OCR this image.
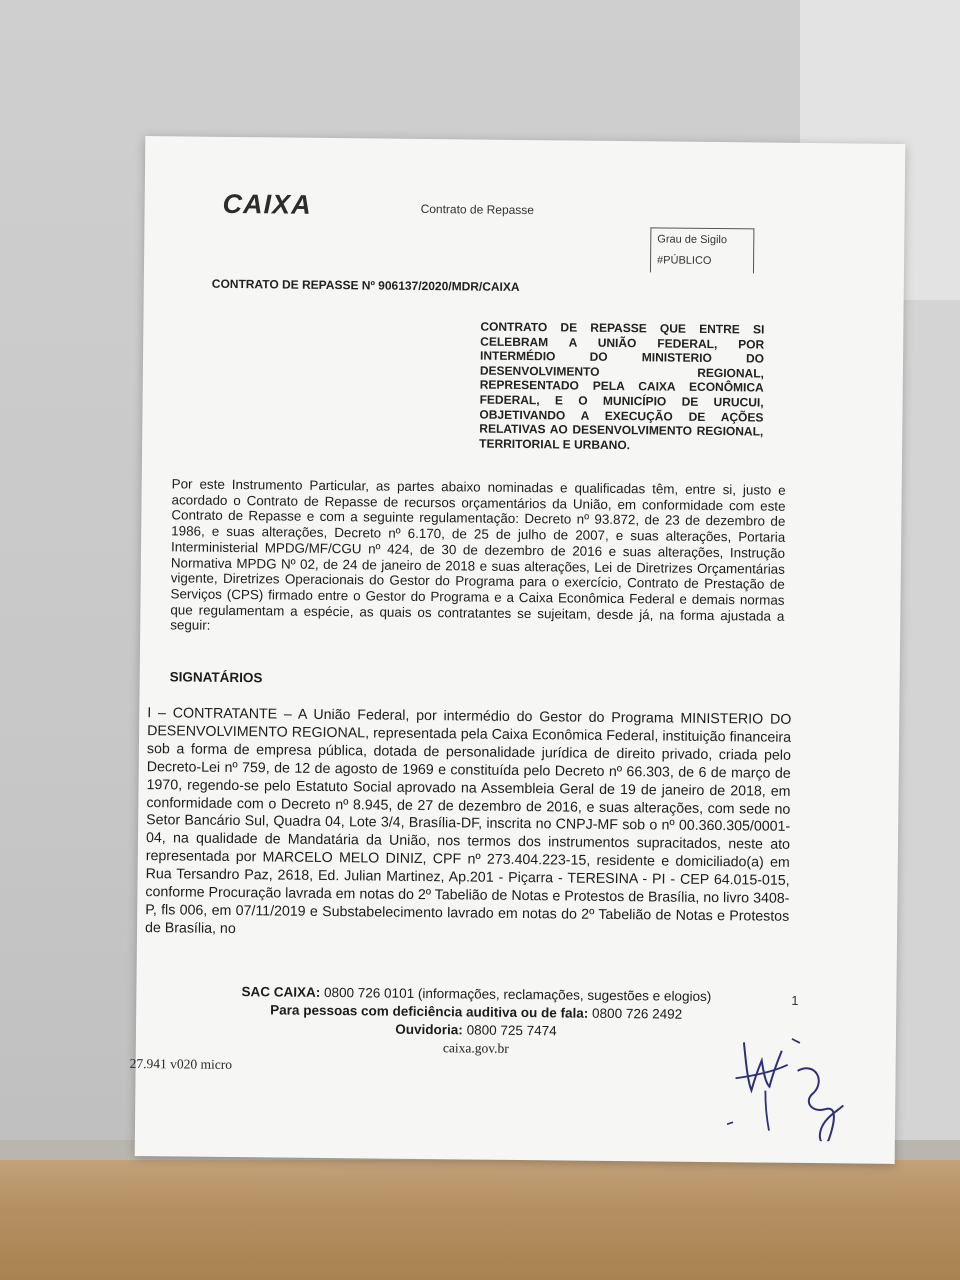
CAIXA	Contrato de Repasse
Grau de Sigilo
#PÚBLICO
CONTRATO DE REPASSE Nº 906137/2020/MDR/CAIXA
CONTRATO DE REPASSE QUE ENTRE SI CELEBRAM A UNIÃO FEDERAL, POR INTERMÉDIO DO MINISTERIO DO DESENVOLVIMENTO REGIONAL, REPRESENTADO PELA CAIXA ECONÔMICA FEDERAL, E O MUNICÍPIO DE URUCUI, OBJETIVANDO A EXECUÇÃO DE AÇÕES RELATIVAS AO DESENVOLVIMENTO REGIONAL, TERRITORIAL E URBANO.
Por este Instrumento Particular, as partes abaixo nominadas e qualificadas têm, entre si, justo e acordado o Contrato de Repasse de recursos orçamentários da União, em conformidade com este Contrato de Repasse e com a seguinte regulamentação: Decreto nº 93.872, de 23 de dezembro de 1986, e suas alterações, Decreto nº 6.170, de 25 de julho de 2007, e suas alterações, Portaria Interministerial MPDG/MF/CGU nº 424, de 30 de dezembro de 2016 e suas alterações, Instrução Normativa MPDG Nº 02, de 24 de janeiro de 2018 e suas alterações, Lei de Diretrizes Orçamentárias vigente, Diretrizes Operacionais do Gestor do Programa para o exercício, Contrato de Prestação de Serviços (CPS) firmado entre o Gestor do Programa e a Caixa Econômica Federal e demais normas que regulamentam a espécie, as quais os contratantes se sujeitam, desde já, na forma ajustada a seguir:
SIGNATÁRIOS
I – CONTRATANTE – A União Federal, por intermédio do Gestor do Programa MINISTERIO DO DESENVOLVIMENTO REGIONAL, representada pela Caixa Econômica Federal, instituição financeira sob a forma de empresa pública, dotada de personalidade jurídica de direito privado, criada pelo Decreto-Lei nº 759, de 12 de agosto de 1969 e constituída pelo Decreto nº 66.303, de 6 de março de 1970, regendo-se pelo Estatuto Social aprovado na Assembleia Geral de 19 de janeiro de 2018, em conformidade com o Decreto nº 8.945, de 27 de dezembro de 2016, e suas alterações, com sede no Setor Bancário Sul, Quadra 04, Lote 3/4, Brasília-DF, inscrita no CNPJ-MF sob o nº 00.360.305/0001-04, na qualidade de Mandatária da União, nos termos dos instrumentos supracitados, neste ato representada por MARCELO MELO DINIZ, CPF nº 273.404.223-15, residente e domiciliado(a) em Rua Tersandro Paz, 2618, Ed. Julian Martinez, Ap.201 - Piçarra - TERESINA - PI - CEP 64.015-015, conforme Procuração lavrada em notas do 2º Tabelião de Notas e Protestos de Brasília, no livro 3408-P, fls 006, em 07/11/2019 e Substabelecimento lavrado em notas do 2º Tabelião de Notas e Protestos de Brasília, no
SAC CAIXA: 0800 726 0101 (informações, reclamações, sugestões e elogios)
Para pessoas com deficiência auditiva ou de fala: 0800 726 2492
Ouvidoria: 0800 725 7474
caixa.gov.br
1
27.941 v020 micro
